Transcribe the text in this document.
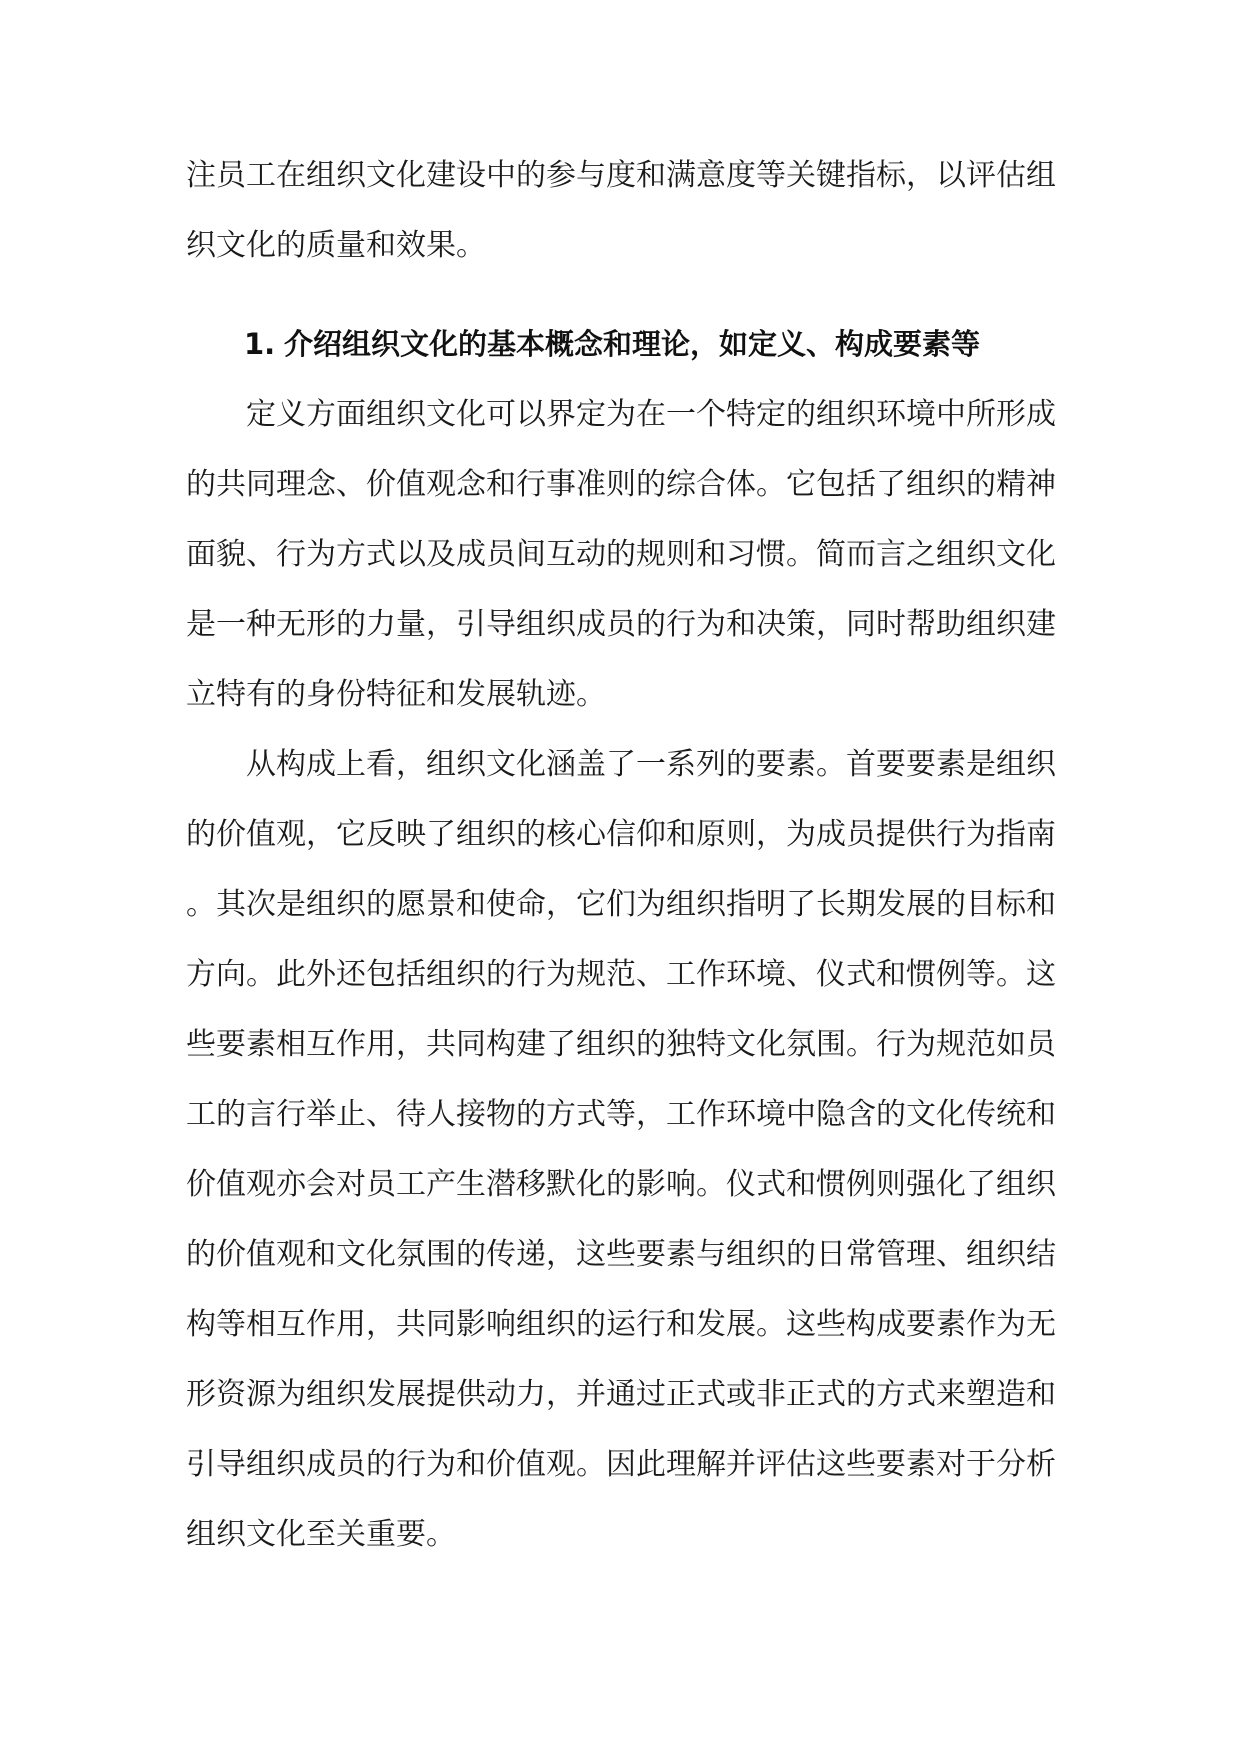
注员工在组织文化建设中的参与度和满意度等关键指标，以评估组织文化的质量和效果。

1. 介绍组织文化的基本概念和理论，如定义、构成要素等

定义方面组织文化可以界定为在一个特定的组织环境中所形成的共同理念、价值观念和行事准则的综合体。它包括了组织的精神面貌、行为方式以及成员间互动的规则和习惯。简而言之组织文化是一种无形的力量，引导组织成员的行为和决策，同时帮助组织建立特有的身份特征和发展轨迹。

从构成上看，组织文化涵盖了一系列的要素。首要要素是组织的价值观，它反映了组织的核心信仰和原则，为成员提供行为指南。其次是组织的愿景和使命，它们为组织指明了长期发展的目标和方向。此外还包括组织的行为规范、工作环境、仪式和惯例等。这些要素相互作用，共同构建了组织的独特文化氛围。行为规范如员工的言行举止、待人接物的方式等，工作环境中隐含的文化传统和价值观亦会对员工产生潜移默化的影响。仪式和惯例则强化了组织的价值观和文化氛围的传递，这些要素与组织的日常管理、组织结构等相互作用，共同影响组织的运行和发展。这些构成要素作为无形资源为组织发展提供动力，并通过正式或非正式的方式来塑造和引导组织成员的行为和价值观。因此理解并评估这些要素对于分析组织文化至关重要。
